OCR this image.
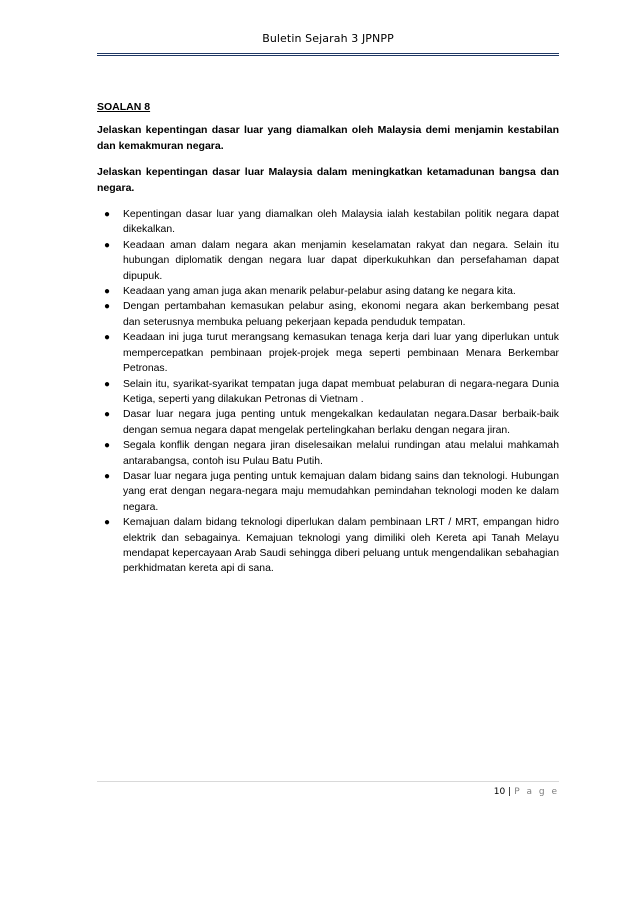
Buletin Sejarah 3 JPNPP
SOALAN 8
Jelaskan kepentingan dasar luar yang diamalkan oleh Malaysia demi menjamin kestabilan dan kemakmuran negara.
Jelaskan kepentingan dasar luar Malaysia dalam meningkatkan ketamadunan bangsa dan negara.
● Kepentingan dasar luar yang diamalkan oleh Malaysia ialah kestabilan politik negara dapat dikekalkan.
● Keadaan aman dalam negara akan menjamin keselamatan rakyat dan negara. Selain itu hubungan diplomatik dengan negara luar dapat diperkukuhkan dan persefahaman dapat dipupuk.
● Keadaan yang aman juga akan menarik pelabur-pelabur asing datang ke negara kita.
● Dengan pertambahan kemasukan pelabur asing, ekonomi negara akan berkembang pesat dan seterusnya membuka peluang pekerjaan kepada penduduk tempatan.
● Keadaan ini juga turut merangsang kemasukan tenaga kerja dari luar yang diperlukan untuk mempercepatkan pembinaan projek-projek mega seperti pembinaan Menara Berkembar Petronas.
● Selain itu, syarikat-syarikat tempatan juga dapat membuat pelaburan di negara-negara Dunia Ketiga, seperti yang dilakukan Petronas di Vietnam .
● Dasar luar negara juga penting untuk mengekalkan kedaulatan negara.Dasar berbaik-baik dengan semua negara dapat mengelak pertelingkahan berlaku dengan negara jiran.
● Segala konflik dengan negara jiran diselesaikan melalui rundingan atau melalui mahkamah antarabangsa, contoh isu Pulau Batu Putih.
● Dasar luar negara juga penting untuk kemajuan dalam bidang sains dan teknologi. Hubungan yang erat dengan negara-negara maju memudahkan pemindahan teknologi moden ke dalam negara.
● Kemajuan dalam bidang teknologi diperlukan dalam pembinaan LRT / MRT, empangan hidro elektrik dan sebagainya. Kemajuan teknologi yang dimiliki oleh Kereta api Tanah Melayu mendapat kepercayaan Arab Saudi sehingga diberi peluang untuk mengendalikan sebahagian perkhidmatan kereta api di sana.
10 | P a g e
